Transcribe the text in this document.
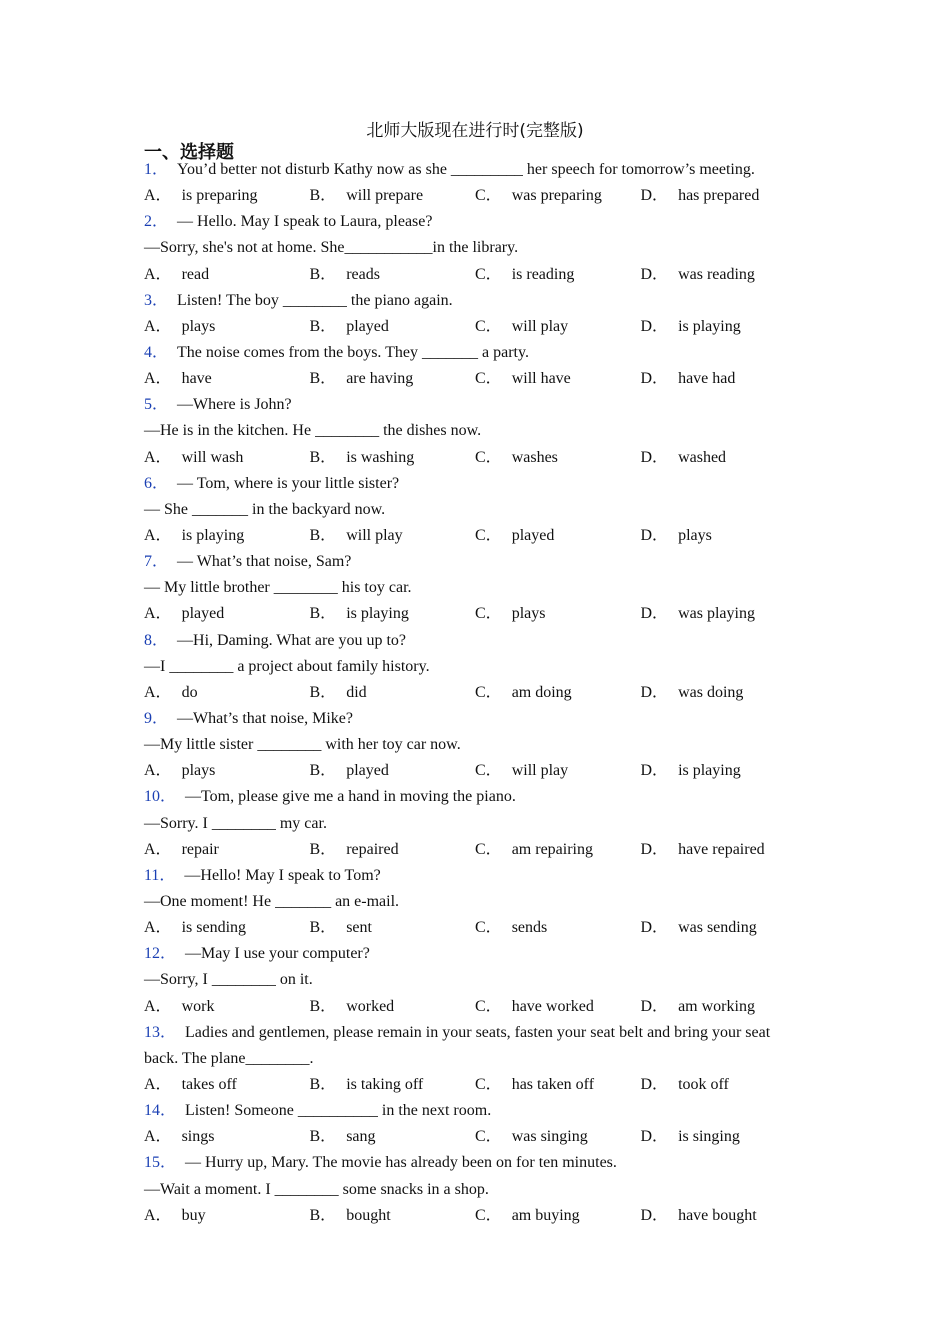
北师大版现在进行时(完整版)
一、选择题
1． You’d better not disturb Kathy now as she _________ her speech for tomorrow’s meeting.
A． is preparing	B． will prepare	C． was preparing	D． has prepared
2． — Hello. May I speak to Laura, please?
—Sorry, she's not at home. She___________in the library.
A． read	B． reads	C． is reading	D． was reading
3． Listen! The boy ________ the piano again.
A． plays	B． played	C． will play	D． is playing
4． The noise comes from the boys. They _______ a party.
A． have	B． are having	C． will have	D． have had
5． —Where is John?
—He is in the kitchen. He ________ the dishes now.
A． will wash	B． is washing	C． washes	D． washed
6． — Tom, where is your little sister?
— She _______ in the backyard now.
A． is playing	B． will play	C． played	D． plays
7． — What’s that noise, Sam?
— My little brother ________ his toy car.
A． played	B． is playing	C． plays	D． was playing
8． —Hi, Daming. What are you up to?
—I ________ a project about family history.
A． do	B． did	C． am doing	D． was doing
9． —What’s that noise, Mike?
—My little sister ________ with her toy car now.
A． plays	B． played	C． will play	D． is playing
10． —Tom, please give me a hand in moving the piano.
—Sorry. I ________ my car.
A． repair	B． repaired	C． am repairing	D． have repaired
11． —Hello! May I speak to Tom?
—One moment! He _______ an e-mail.
A． is sending	B． sent	C． sends	D． was sending
12． —May I use your computer?
—Sorry, I ________ on it.
A． work	B． worked	C． have worked	D． am working
13． Ladies and gentlemen, please remain in your seats, fasten your seat belt and bring your seat back. The plane________.
A． takes off	B． is taking off	C． has taken off	D． took off
14． Listen! Someone __________ in the next room.
A． sings	B． sang	C． was singing	D． is singing
15． — Hurry up, Mary. The movie has already been on for ten minutes.
—Wait a moment. I ________ some snacks in a shop.
A． buy	B． bought	C． am buying	D． have bought
